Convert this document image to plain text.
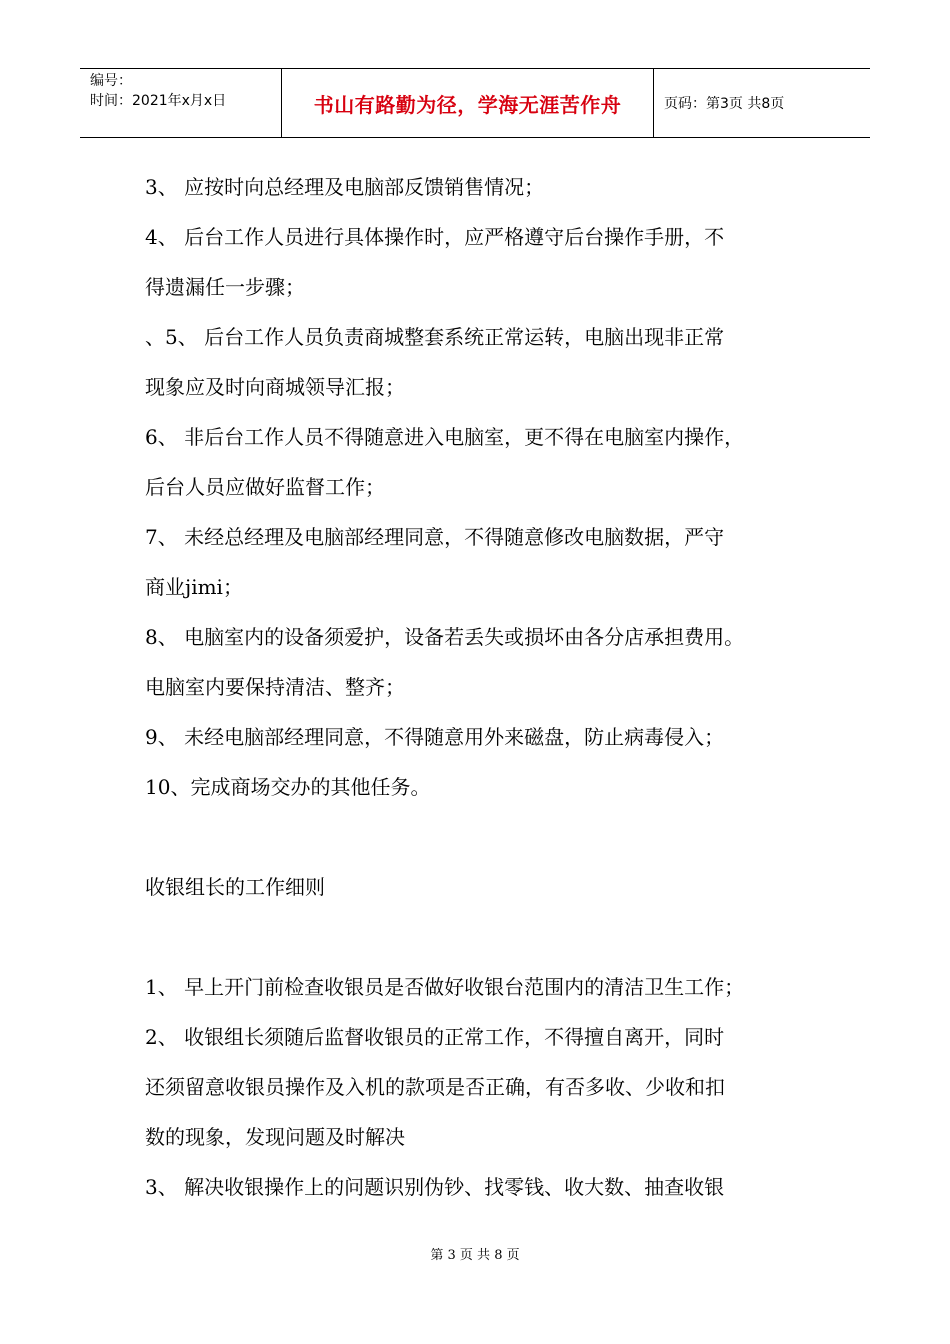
编号：
时间：2021年x月x日	书山有路勤为径，学海无涯苦作舟	页码：第3页 共8页
3、 应按时向总经理及电脑部反馈销售情况；
4、 后台工作人员进行具体操作时，应严格遵守后台操作手册，不
得遗漏任一步骤；
、5、 后台工作人员负责商城整套系统正常运转，电脑出现非正常
现象应及时向商城领导汇报；
6、 非后台工作人员不得随意进入电脑室，更不得在电脑室内操作，
后台人员应做好监督工作；
7、 未经总经理及电脑部经理同意，不得随意修改电脑数据，严守
商业jimi；
8、 电脑室内的设备须爱护，设备若丢失或损坏由各分店承担费用。
电脑室内要保持清洁、整齐；
9、 未经电脑部经理同意，不得随意用外来磁盘，防止病毒侵入；
10、完成商场交办的其他任务。
收银组长的工作细则
1、 早上开门前检查收银员是否做好收银台范围内的清洁卫生工作；
2、 收银组长须随后监督收银员的正常工作，不得擅自离开，同时
还须留意收银员操作及入机的款项是否正确，有否多收、少收和扣
数的现象，发现问题及时解决
3、 解决收银操作上的问题识别伪钞、找零钱、收大数、抽查收银
第 3 页 共 8 页
